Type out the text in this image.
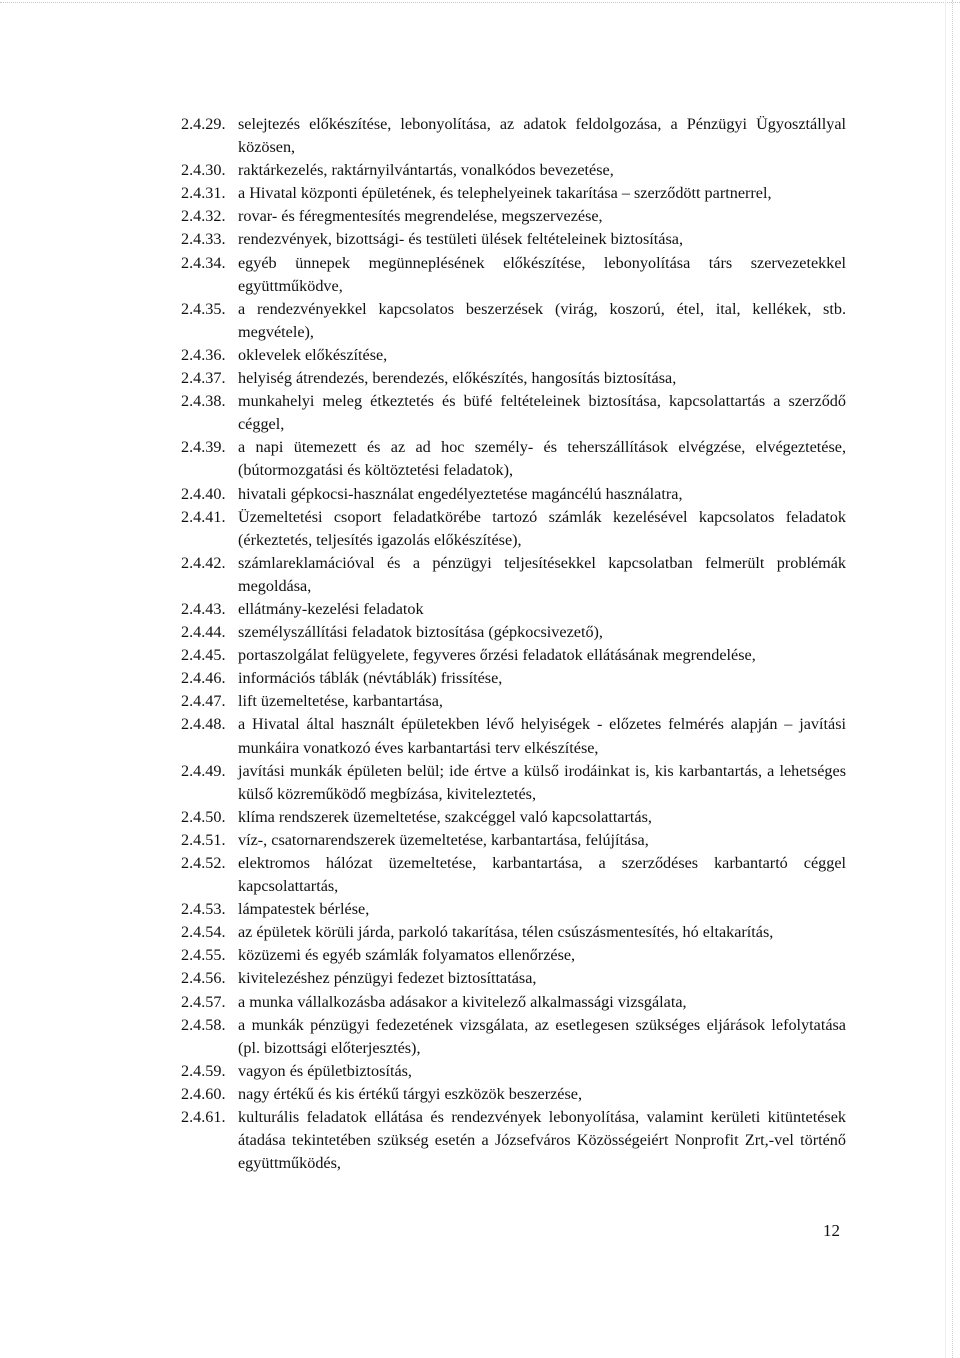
2.4.29. selejtezés előkészítése, lebonyolítása, az adatok feldolgozása, a Pénzügyi Ügyosztállyal közösen,
2.4.30. raktárkezelés, raktárnyilvántartás, vonalkódos bevezetése,
2.4.31. a Hivatal központi épületének, és telephelyeinek takarítása – szerződött partnerrel,
2.4.32. rovar- és féregmentesítés megrendelése, megszervezése,
2.4.33. rendezvények, bizottsági- és testületi ülések feltételeinek biztosítása,
2.4.34. egyéb ünnepek megünneplésének előkészítése, lebonyolítása társ szervezetekkel együttműködve,
2.4.35. a rendezvényekkel kapcsolatos beszerzések (virág, koszorú, étel, ital, kellékek, stb. megvétele),
2.4.36. oklevelek előkészítése,
2.4.37. helyiség átrendezés, berendezés, előkészítés, hangosítás biztosítása,
2.4.38. munkahelyi meleg étkeztetés és büfé feltételeinek biztosítása, kapcsolattartás a szerződő céggel,
2.4.39. a napi ütemezett és az ad hoc személy- és teherszállítások elvégzése, elvégeztetése, (bútormozgatási és költöztetési feladatok),
2.4.40. hivatali gépkocsi-használat engedélyeztetése magáncélú használatra,
2.4.41. Üzemeltetési csoport feladatkörébe tartozó számlák kezelésével kapcsolatos feladatok (érkeztetés, teljesítés igazolás előkészítése),
2.4.42. számlareklamációval és a pénzügyi teljesítésekkel kapcsolatban felmerült problémák megoldása,
2.4.43. ellátmány-kezelési feladatok
2.4.44. személyszállítási feladatok biztosítása (gépkocsivezető),
2.4.45. portaszolgálat felügyelete, fegyveres őrzési feladatok ellátásának megrendelése,
2.4.46. információs táblák (névtáblák) frissítése,
2.4.47. lift üzemeltetése, karbantartása,
2.4.48. a Hivatal által használt épületekben lévő helyiségek - előzetes felmérés alapján – javítási munkáira vonatkozó éves karbantartási terv elkészítése,
2.4.49. javítási munkák épületen belül; ide értve a külső irodáinkat is, kis karbantartás, a lehetséges külső közreműködő megbízása, kiviteleztetés,
2.4.50. klíma rendszerek üzemeltetése, szakcéggel való kapcsolattartás,
2.4.51. víz-, csatornarendszerek üzemeltetése, karbantartása, felújítása,
2.4.52. elektromos hálózat üzemeltetése, karbantartása, a szerződéses karbantartó céggel kapcsolattartás,
2.4.53. lámpatestek bérlése,
2.4.54. az épületek körüli járda, parkoló takarítása, télen csúszásmentesítés, hó eltakarítás,
2.4.55. közüzemi és egyéb számlák folyamatos ellenőrzése,
2.4.56. kivitelezéshez pénzügyi fedezet biztosíttatása,
2.4.57. a munka vállalkozásba adásakor a kivitelező alkalmassági vizsgálata,
2.4.58. a munkák pénzügyi fedezetének vizsgálata, az esetlegesen szükséges eljárások lefolytatása (pl. bizottsági előterjesztés),
2.4.59. vagyon és épületbiztosítás,
2.4.60. nagy értékű és kis értékű tárgyi eszközök beszerzése,
2.4.61. kulturális feladatok ellátása és rendezvények lebonyolítása, valamint kerületi kitüntetések átadása tekintetében szükség esetén a Józsefváros Közösségeiért Nonprofit Zrt,-vel történő együttműködés,
12
